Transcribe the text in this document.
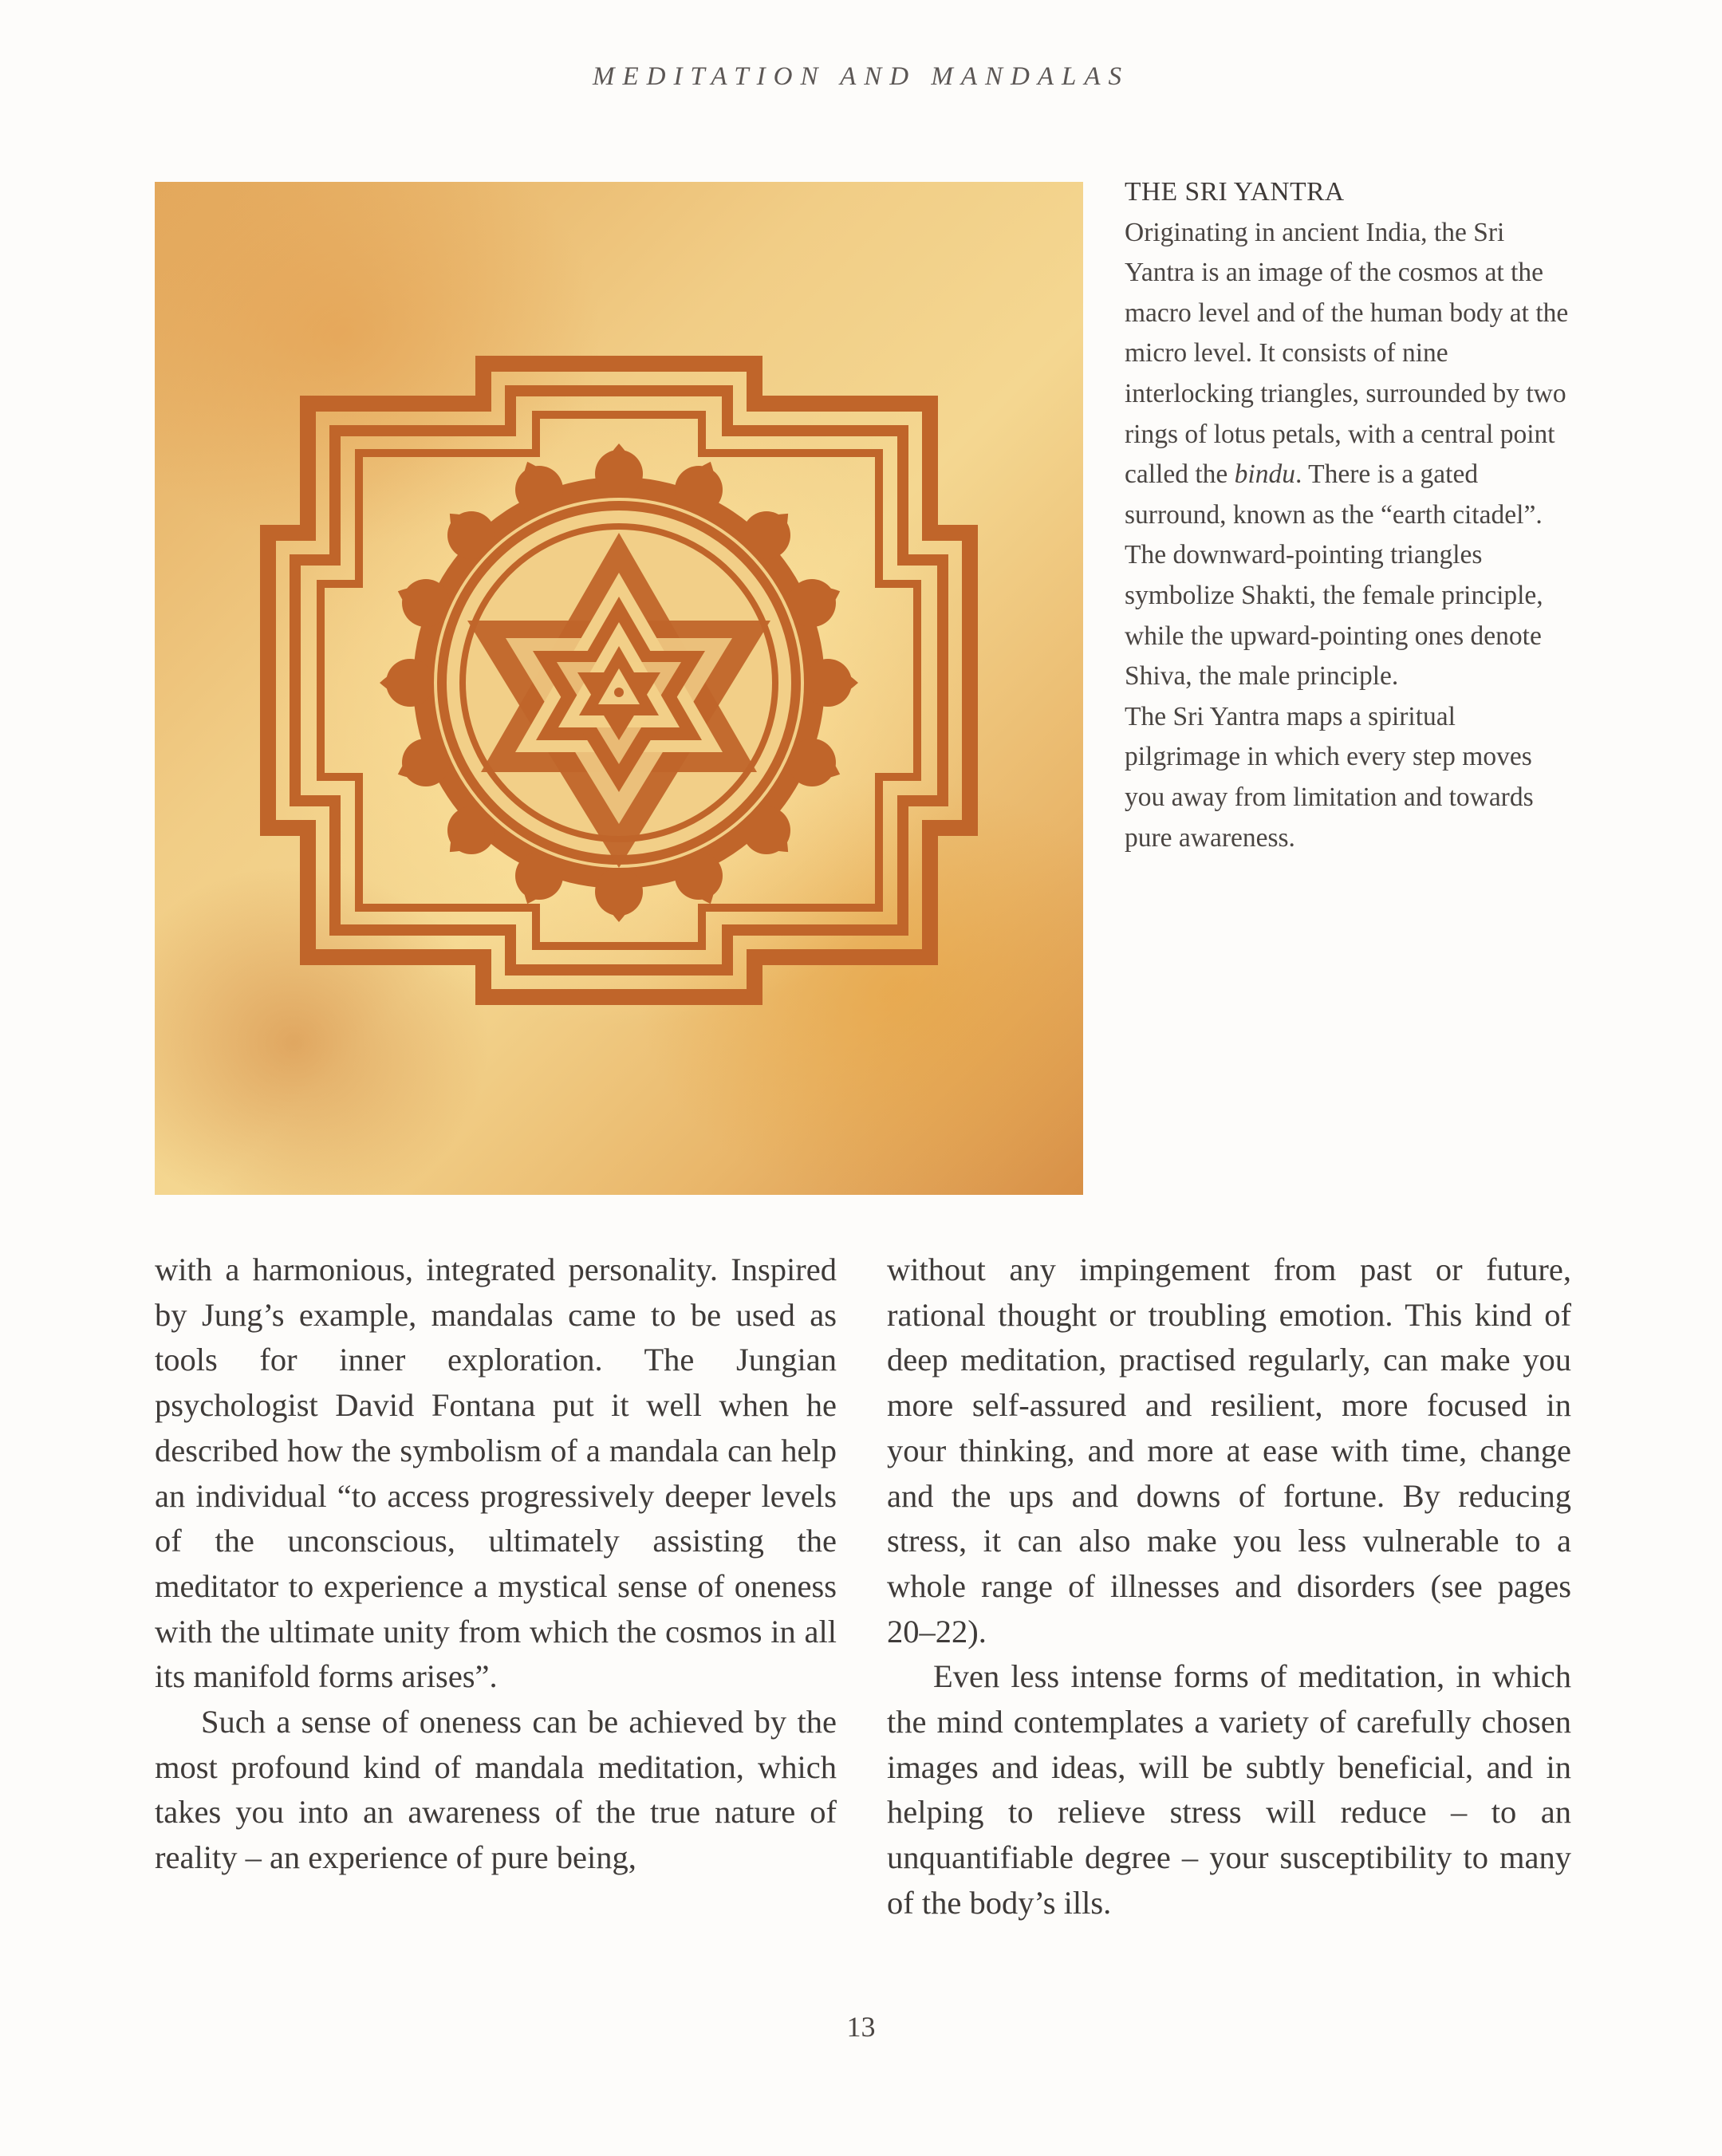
MEDITATION AND MANDALAS
THE SRI YANTRA

Originating in ancient India, the Sri Yantra is an image of the cosmos at the macro level and of the human body at the micro level. It consists of nine interlocking triangles, surrounded by two rings of lotus petals, with a central point called the bindu. There is a gated surround, known as the “earth citadel”. The downward-pointing triangles symbolize Shakti, the female principle, while the upward-pointing ones denote Shiva, the male principle.

The Sri Yantra maps a spiritual pilgrimage in which every step moves you away from limitation and towards pure awareness.

with a harmonious, integrated personality. Inspired by Jung’s example, mandalas came to be used as tools for inner exploration. The Jungian psychologist David Fontana put it well when he described how the symbolism of a mandala can help an individual “to access progressively deeper levels of the unconscious, ultimately assisting the meditator to experience a mystical sense of oneness with the ultimate unity from which the cosmos in all its manifold forms arises”.

Such a sense of oneness can be achieved by the most profound kind of mandala meditation, which takes you into an awareness of the true nature of reality – an experience of pure being,

without any impingement from past or future, rational thought or troubling emotion. This kind of deep meditation, practised regularly, can make you more self-assured and resilient, more focused in your thinking, and more at ease with time, change and the ups and downs of fortune. By reducing stress, it can also make you less vulnerable to a whole range of illnesses and disorders (see pages 20–22).

Even less intense forms of meditation, in which the mind contemplates a variety of carefully chosen images and ideas, will be subtly beneficial, and in helping to relieve stress will reduce – to an unquantifiable degree – your susceptibility to many of the body’s ills.

13
